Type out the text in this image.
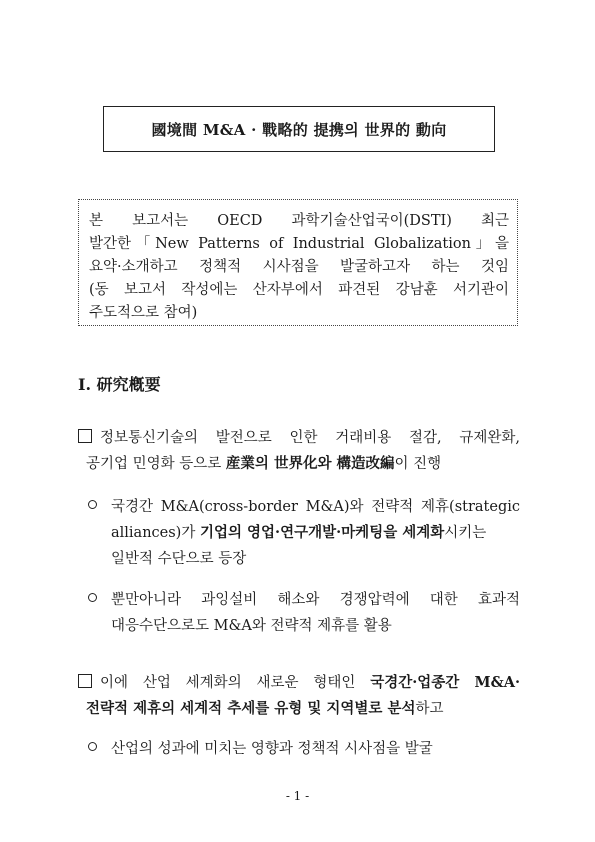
國境間 M&A · 戰略的 提携의 世界的 動向
본 보고서는 OECD 과학기술산업국이(DSTI) 최근
발간한「New Patterns of Industrial Globalization」을
요약·소개하고 정책적 시사점을 발굴하고자 하는 것임
(동 보고서 작성에는 산자부에서 파견된 강남훈 서기관이
주도적으로 참여)
Ⅰ. 研究槪要
정보통신기술의 발전으로 인한 거래비용 절감, 규제완화,
공기업 민영화 등으로 産業의 世界化와 構造改編이 진행
국경간 M&A(cross-border M&A)와 전략적 제휴(strategic
alliances)가 기업의 영업·연구개발·마케팅을 세계화시키는
일반적 수단으로 등장
뿐만아니라 과잉설비 해소와 경쟁압력에 대한 효과적
대응수단으로도 M&A와 전략적 제휴를 활용
이에 산업 세계화의 새로운 형태인 국경간·업종간 M&A·
전략적 제휴의 세계적 추세를 유형 및 지역별로 분석하고
산업의 성과에 미치는 영향과 정책적 시사점을 발굴
- 1 -
